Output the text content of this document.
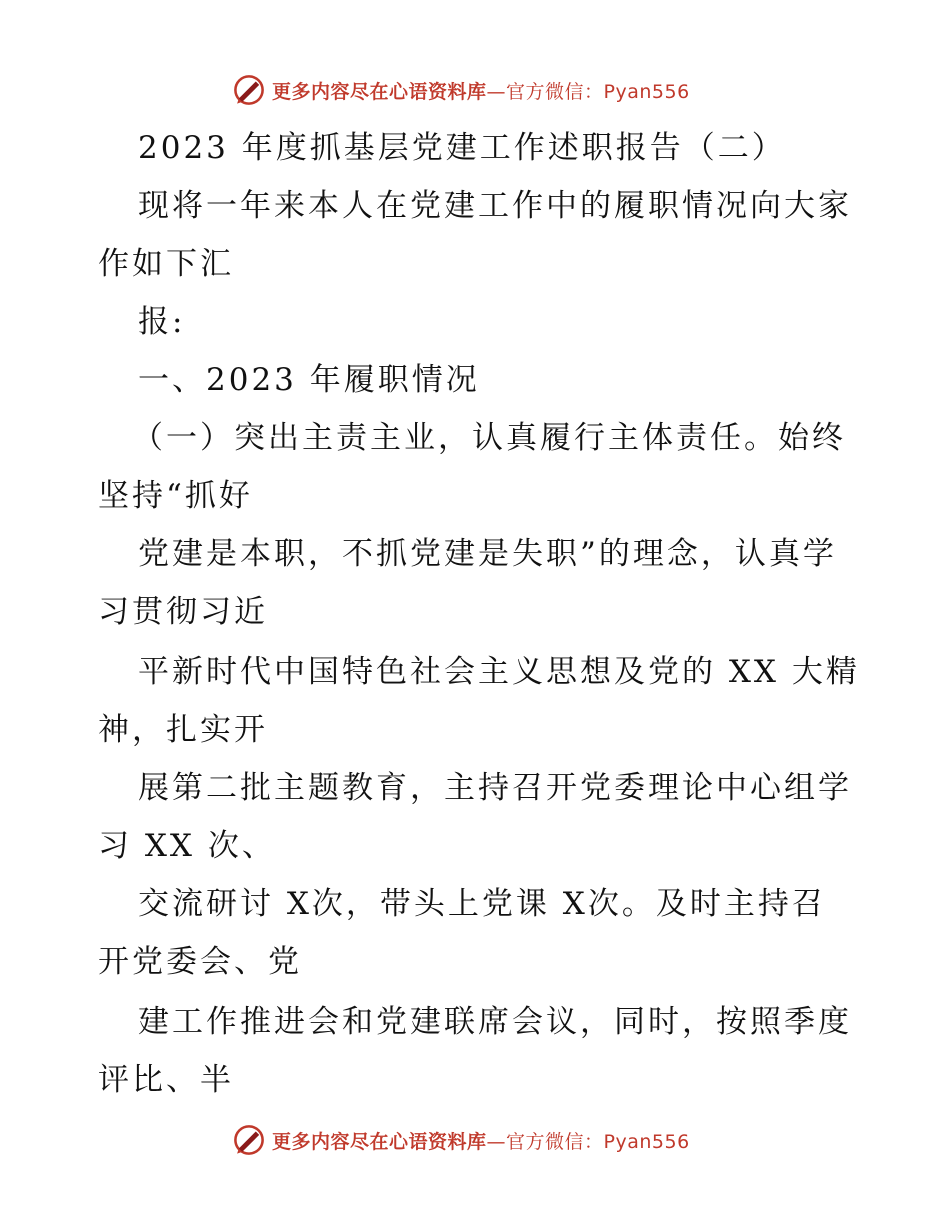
更多内容尽在心语资料库—官方微信：Pyan556
2023 年度抓基层党建工作述职报告（二）
现将一年来本人在党建工作中的履职情况向大家
作如下汇
报:
一、2023 年履职情况
（一）突出主责主业，认真履行主体责任。始终
坚持“抓好
党建是本职，不抓党建是失职”的理念，认真学
习贯彻习近
平新时代中国特色社会主义思想及党的 XX 大精
神，扎实开
展第二批主题教育，主持召开党委理论中心组学
习 XX 次、
交流研讨 X次，带头上党课 X次。及时主持召
开党委会、党
建工作推进会和党建联席会议，同时，按照季度
评比、半
更多内容尽在心语资料库—官方微信：Pyan556
